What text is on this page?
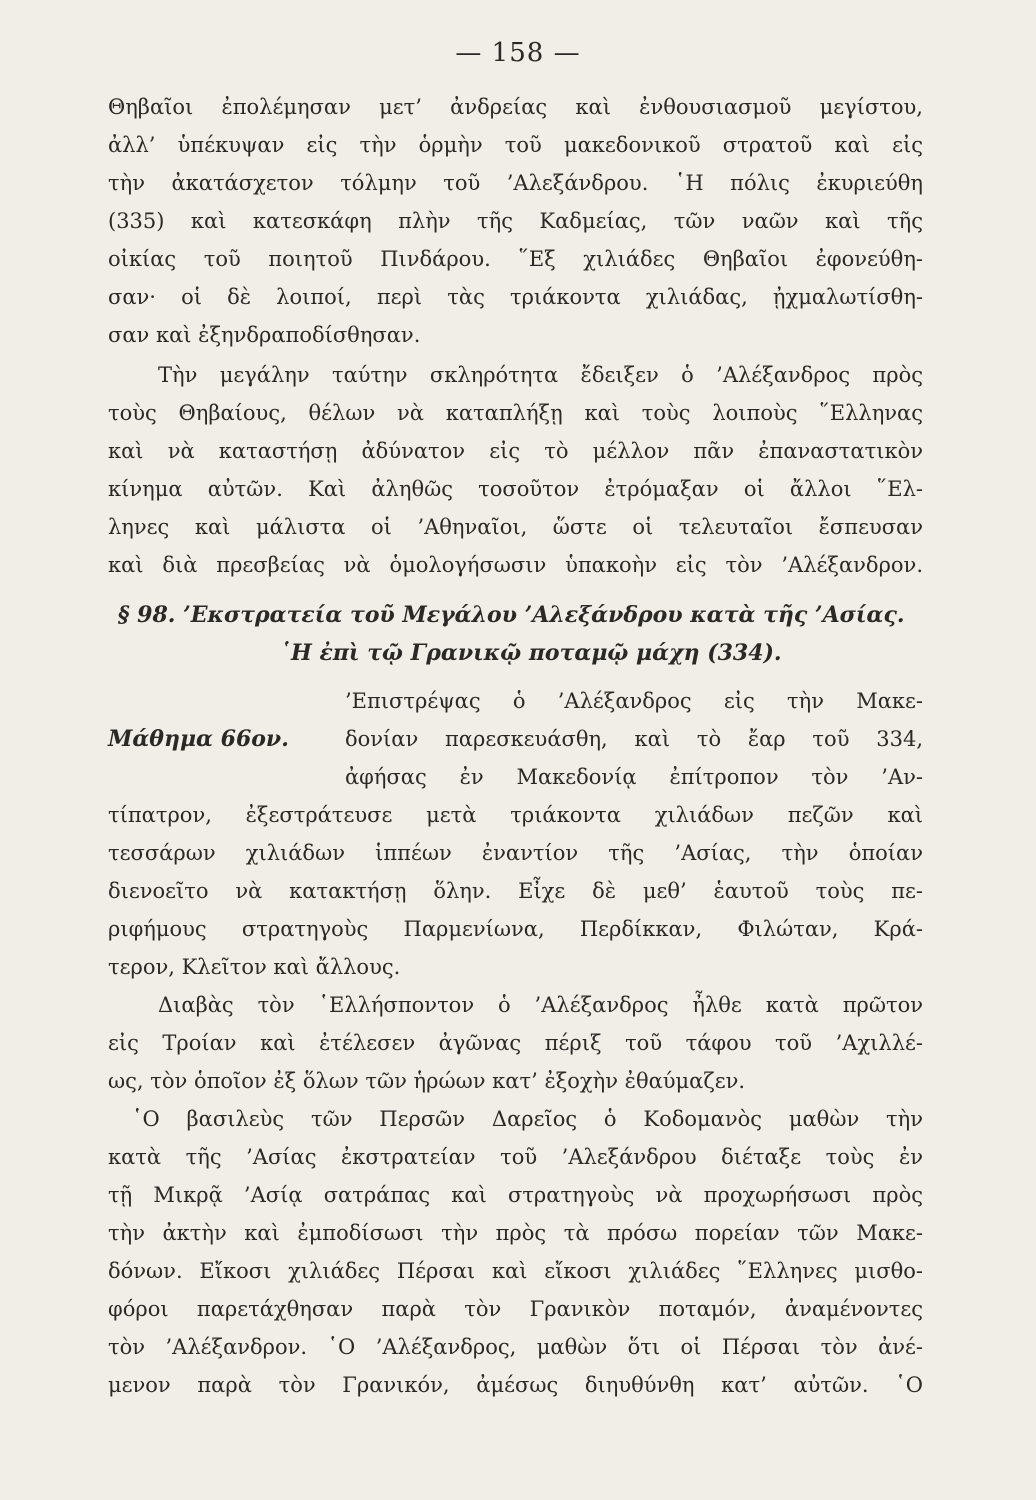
— 158 —
Θηβαῖοι ἐπολέμησαν μετ’ ἀνδρείας καὶ ἐνθουσιασμοῦ μεγίστου,
ἀλλ’ ὑπέκυψαν εἰς τὴν ὁρμὴν τοῦ μακεδονικοῦ στρατοῦ καὶ εἰς
τὴν ἀκατάσχετον τόλμην τοῦ ’Αλεξάνδρου. ῾Η πόλις ἐκυριεύθη
(335) καὶ κατεσκάφη πλὴν τῆς Καδμείας, τῶν ναῶν καὶ τῆς
οἰκίας τοῦ ποιητοῦ Πινδάρου. ῞Εξ χιλιάδες Θηβαῖοι ἐφονεύθη-
σαν· οἱ δὲ λοιποί, περὶ τὰς τριάκοντα χιλιάδας, ᾐχμαλωτίσθη-
σαν καὶ ἐξηνδραποδίσθησαν.
Τὴν μεγάλην ταύτην σκληρότητα ἔδειξεν ὁ ’Αλέξανδρος πρὸς
τοὺς Θηβαίους, θέλων νὰ καταπλήξῃ καὶ τοὺς λοιποὺς ῞Ελληνας
καὶ νὰ καταστήσῃ ἀδύνατον εἰς τὸ μέλλον πᾶν ἐπαναστατικὸν
κίνημα αὐτῶν. Καὶ ἀληθῶς τοσοῦτον ἐτρόμαξαν οἱ ἄλλοι ῞Ελ-
ληνες καὶ μάλιστα οἱ ’Αθηναῖοι, ὥστε οἱ τελευταῖοι ἔσπευσαν
καὶ διὰ πρεσβείας νὰ ὁμολογήσωσιν ὑπακοὴν εἰς τὸν ’Αλέξανδρον.
§ 98. ’Εκστρατεία τοῦ Μεγάλου ’Αλεξάνδρου κατὰ τῆς ’Ασίας.
῾Η ἐπὶ τῷ Γρανικῷ ποταμῷ μάχη (334).
Μάθημα 66ον.
’Επιστρέψας ὁ ’Αλέξανδρος εἰς τὴν Μακε-
δονίαν παρεσκευάσθη, καὶ τὸ ἔαρ τοῦ 334,
ἀφήσας ἐν Μακεδονίᾳ ἐπίτροπον τὸν ’Αν-
τίπατρον, ἐξεστράτευσε μετὰ τριάκοντα χιλιάδων πεζῶν καὶ
τεσσάρων χιλιάδων ἱππέων ἐναντίον τῆς ’Ασίας, τὴν ὁποίαν
διενοεῖτο νὰ κατακτήσῃ ὅλην. Εἶχε δὲ μεθ’ ἑαυτοῦ τοὺς πε-
ριφήμους στρατηγοὺς Παρμενίωνα, Περδίκκαν, Φιλώταν, Κρά-
τερον, Κλεῖτον καὶ ἄλλους.
Διαβὰς τὸν ῾Ελλήσποντον ὁ ’Αλέξανδρος ἦλθε κατὰ πρῶτον
εἰς Τροίαν καὶ ἐτέλεσεν ἀγῶνας πέριξ τοῦ τάφου τοῦ ’Αχιλλέ-
ως, τὸν ὁποῖον ἐξ ὅλων τῶν ἡρώων κατ’ ἐξοχὴν ἐθαύμαζεν.
῾Ο βασιλεὺς τῶν Περσῶν Δαρεῖος ὁ Κοδομανὸς μαθὼν τὴν
κατὰ τῆς ’Ασίας ἐκστρατείαν τοῦ ’Αλεξάνδρου διέταξε τοὺς ἐν
τῇ Μικρᾷ ’Ασίᾳ σατράπας καὶ στρατηγοὺς νὰ προχωρήσωσι πρὸς
τὴν ἀκτὴν καὶ ἐμποδίσωσι τὴν πρὸς τὰ πρόσω πορείαν τῶν Μακε-
δόνων. Εἴκοσι χιλιάδες Πέρσαι καὶ εἴκοσι χιλιάδες ῞Ελληνες μισθο-
φόροι παρετάχθησαν παρὰ τὸν Γρανικὸν ποταμόν, ἀναμένοντες
τὸν ’Αλέξανδρον. ῾Ο ’Αλέξανδρος, μαθὼν ὅτι οἱ Πέρσαι τὸν ἀνέ-
μενον παρὰ τὸν Γρανικόν, ἀμέσως διηυθύνθη κατ’ αὐτῶν. ῾Ο
